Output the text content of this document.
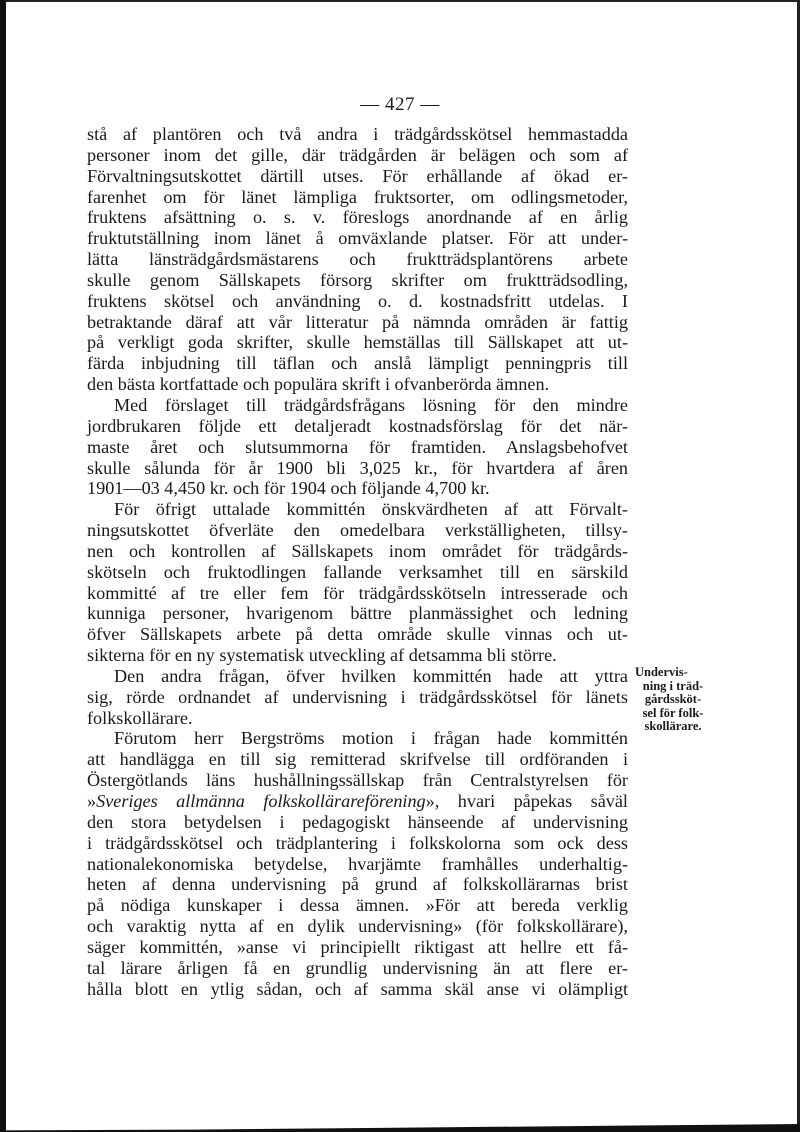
— 427 —
stå af plantören och två andra i trädgårdsskötsel hemmastadda
personer inom det gille, där trädgården är belägen och som af
Förvaltningsutskottet därtill utses. För erhållande af ökad er-
farenhet om för länet lämpliga fruktsorter, om odlingsmetoder,
fruktens afsättning o. s. v. föreslogs anordnande af en årlig
fruktutställning inom länet å omväxlande platser. För att under-
lätta länsträdgårdsmästarens och fruktträdsplantörens arbete
skulle genom Sällskapets försorg skrifter om fruktträdsodling,
fruktens skötsel och användning o. d. kostnadsfritt utdelas. I
betraktande däraf att vår litteratur på nämnda områden är fattig
på verkligt goda skrifter, skulle hemställas till Sällskapet att ut-
färda inbjudning till täflan och anslå lämpligt penningpris till
den bästa kortfattade och populära skrift i ofvanberörda ämnen.
Med förslaget till trädgårdsfrågans lösning för den mindre
jordbrukaren följde ett detaljeradt kostnadsförslag för det när-
maste året och slutsummorna för framtiden. Anslagsbehofvet
skulle sålunda för år 1900 bli 3,025 kr., för hvartdera af åren
1901—03 4,450 kr. och för 1904 och följande 4,700 kr.
För öfrigt uttalade kommittén önskvärdheten af att Förvalt-
ningsutskottet öfverläte den omedelbara verkställigheten, tillsy-
nen och kontrollen af Sällskapets inom området för trädgårds-
skötseln och fruktodlingen fallande verksamhet till en särskild
kommitté af tre eller fem för trädgårdsskötseln intresserade och
kunniga personer, hvarigenom bättre planmässighet och ledning
öfver Sällskapets arbete på detta område skulle vinnas och ut-
sikterna för en ny systematisk utveckling af detsamma bli större.
Den andra frågan, öfver hvilken kommittén hade att yttra
sig, rörde ordnandet af undervisning i trädgårdsskötsel för länets
folkskollärare.
Förutom herr Bergströms motion i frågan hade kommittén
att handlägga en till sig remitterad skrifvelse till ordföranden i
Östergötlands läns hushållningssällskap från Centralstyrelsen för
»Sveriges allmänna folkskollärareförening», hvari påpekas såväl
den stora betydelsen i pedagogiskt hänseende af undervisning
i trädgårdsskötsel och trädplantering i folkskolorna som ock dess
nationalekonomiska betydelse, hvarjämte framhålles underhaltig-
heten af denna undervisning på grund af folkskollärarnas brist
på nödiga kunskaper i dessa ämnen. »För att bereda verklig
och varaktig nytta af en dylik undervisning» (för folkskollärare),
säger kommittén, »anse vi principiellt riktigast att hellre ett få-
tal lärare årligen få en grundlig undervisning än att flere er-
hålla blott en ytlig sådan, och af samma skäl anse vi olämpligt
Undervis-
ning i träd-
gårdssköt-
sel för folk-
skollärare.
